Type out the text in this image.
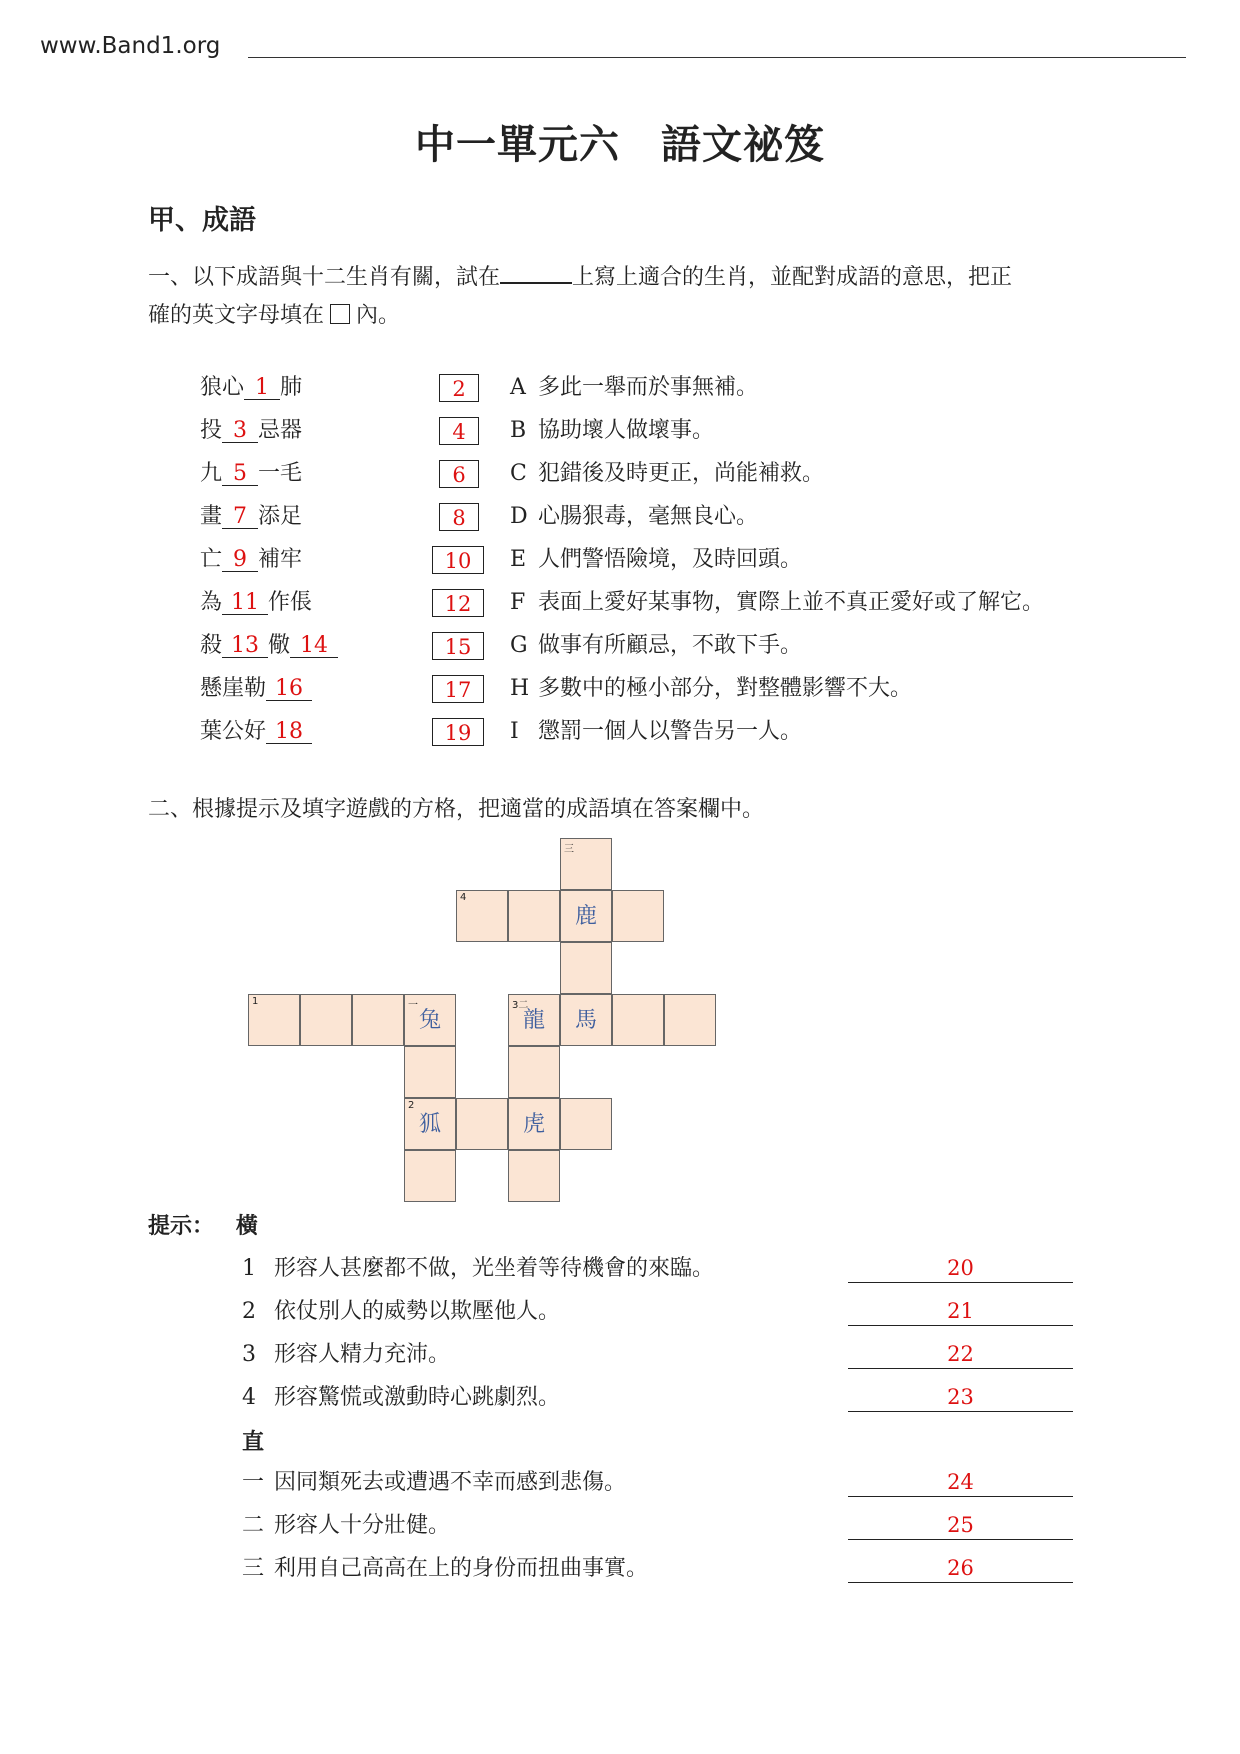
www.Band1.org
中一單元六　語文祕笈
甲、成語
一、以下成語與十二生肖有關，試在	上寫上適合的生肖，並配對成語的意思，把正
確的英文字母填在 內。
狼心 1 肺	2	A 多此一舉而於事無補。
投 3 忌器	4	B 協助壞人做壞事。
九 5 一毛	6	C 犯錯後及時更正，尚能補救。
畫 7 添足	8	D 心腸狠毒，毫無良心。
亡 9 補牢	10	E 人們警悟險境，及時回頭。
為 11 作倀	12	F 表面上愛好某事物，實際上並不真正愛好或了解它。
殺 13 儆 14	15	G 做事有所顧忌，不敢下手。
懸崖勒 16	17	H 多數中的極小部分，對整體影響不大。
葉公好 18	19	I 懲罰一個人以警告另一人。
二、根據提示及填字遊戲的方格，把適當的成語填在答案欄中。
三
4
鹿
1	一
兔
3二
龍	馬
2
狐	虎
提示： 橫
直
1 形容人甚麼都不做，光坐着等待機會的來臨。	20
2 依仗別人的威勢以欺壓他人。	21
3 形容人精力充沛。	22
4 形容驚慌或激動時心跳劇烈。	23
一 因同類死去或遭遇不幸而感到悲傷。	24
二 形容人十分壯健。	25
三 利用自己高高在上的身份而扭曲事實。	26
